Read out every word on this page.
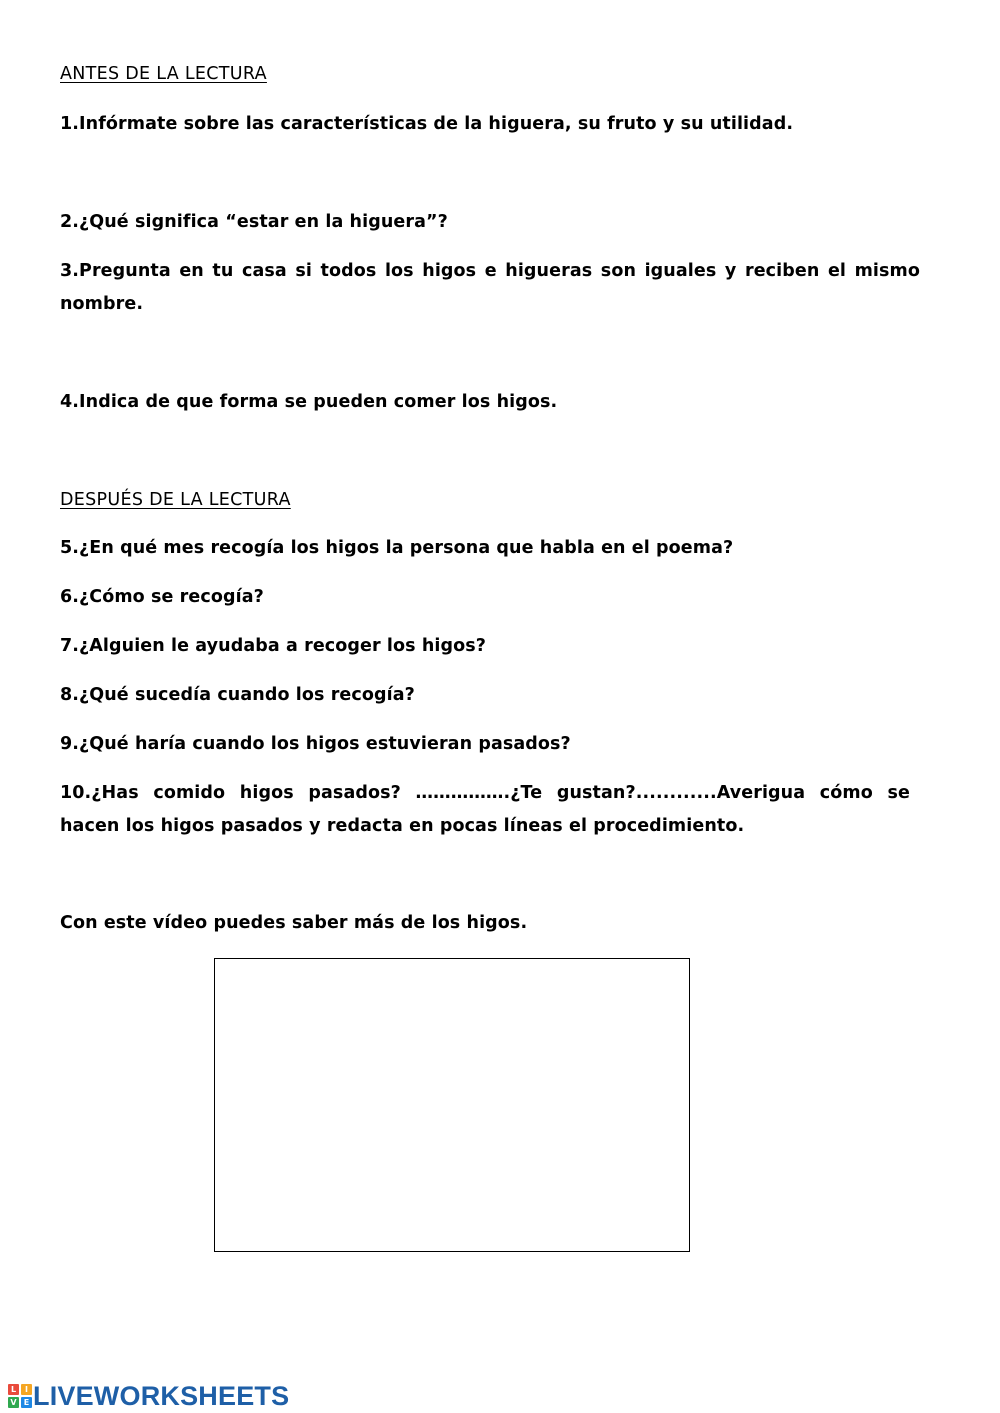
ANTES DE LA LECTURA

1.Infórmate sobre las características de la higuera, su fruto y su utilidad.

2.¿Qué significa “estar en la higuera”?

3.Pregunta en tu casa si todos los higos e higueras son iguales y reciben el mismo nombre.

4.Indica de que forma se pueden comer los higos.

DESPUÉS DE LA LECTURA

5.¿En qué mes recogía los higos la persona que habla en el poema?

6.¿Cómo se recogía?

7.¿Alguien le ayudaba a recoger los higos?

8.¿Qué sucedía cuando los recogía?

9.¿Qué haría cuando los higos estuvieran pasados?

10.¿Has comido higos pasados? …………….¿Te gustan?............Averigua cómo se hacen los higos pasados y redacta en pocas líneas el procedimiento.

Con este vídeo puedes saber más de los higos.

L	I
V E LIVEWORKSHEETS
